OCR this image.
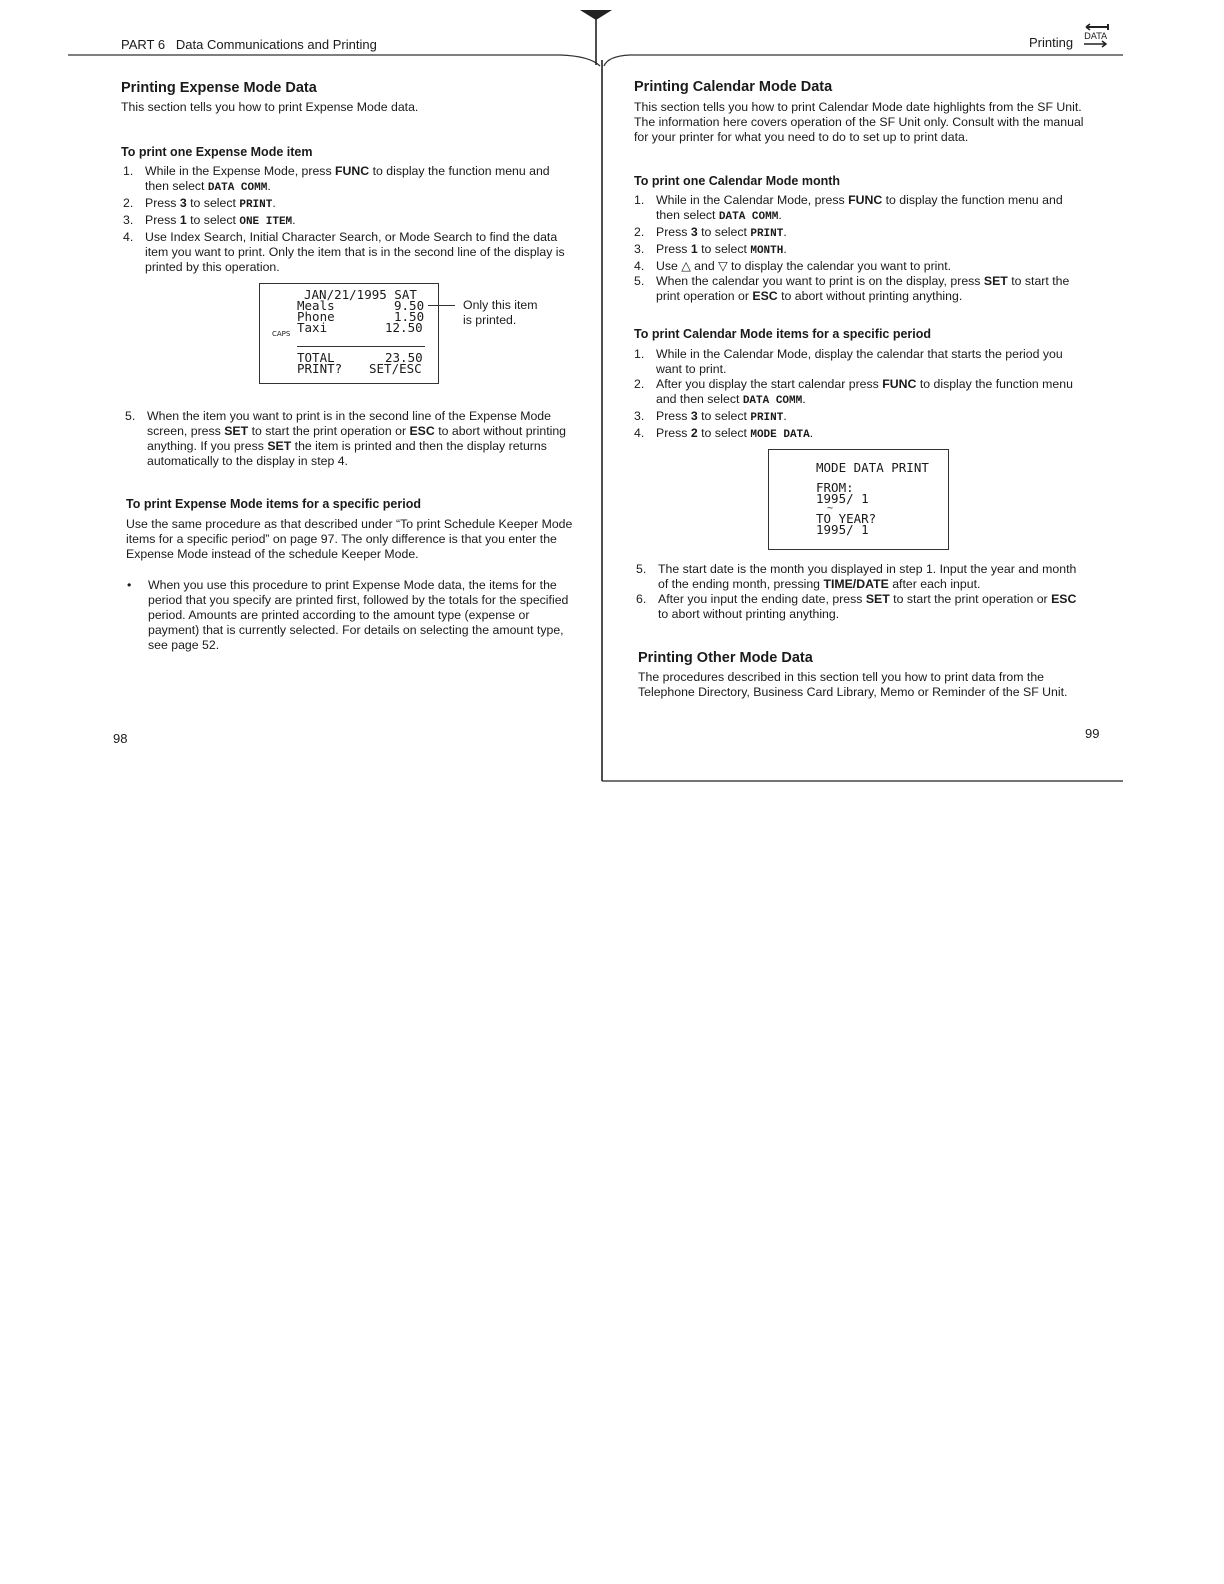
PART 6 Data Communications and Printing	Printing DATA
Printing Expense Mode Data
This section tells you how to print Expense Mode data.
To print one Expense Mode item
1. While in the Expense Mode, press FUNC to display the function menu and then select DATA COMM.
2. Press 3 to select PRINT.
3. Press 1 to select ONE ITEM.
4. Use Index Search, Initial Character Search, or Mode Search to find the data item you want to print. Only the item that is in the second line of the display is printed by this operation.
JAN/21/1995 SAT
Meals	9.50
Phone	1.50
Taxi	12.50
CAPS
TOTAL	23.50
PRINT? SET/ESC
Only this item
is printed.
5. When the item you want to print is in the second line of the Expense Mode screen, press SET to start the print operation or ESC to abort without printing anything. If you press SET the item is printed and then the display returns automatically to the display in step 4.
To print Expense Mode items for a specific period
Use the same procedure as that described under “To print Schedule Keeper Mode items for a specific period” on page 97. The only difference is that you enter the Expense Mode instead of the schedule Keeper Mode.
•	When you use this procedure to print Expense Mode data, the items for the period that you specify are printed first, followed by the totals for the specified period. Amounts are printed according to the amount type (expense or payment) that is currently selected. For details on selecting the amount type, see page 52.
98
Printing Calendar Mode Data
This section tells you how to print Calendar Mode date highlights from the SF Unit. The information here covers operation of the SF Unit only. Consult with the manual for your printer for what you need to do to set up to print data.
To print one Calendar Mode month
1. While in the Calendar Mode, press FUNC to display the function menu and then select DATA COMM.
2. Press 3 to select PRINT.
3. Press 1 to select MONTH.
4. Use △ and ▽ to display the calendar you want to print.
5. When the calendar you want to print is on the display, press SET to start the print operation or ESC to abort without printing anything.
To print Calendar Mode items for a specific period
1. While in the Calendar Mode, display the calendar that starts the period you want to print.
2. After you display the start calendar press FUNC to display the function menu and then select DATA COMM.
3. Press 3 to select PRINT.
4. Press 2 to select MODE DATA.
MODE DATA PRINT
FROM:
1995/ 1
~
TO YEAR?
1995/ 1
5. The start date is the month you displayed in step 1. Input the year and month of the ending month, pressing TIME/DATE after each input.
6. After you input the ending date, press SET to start the print operation or ESC to abort without printing anything.
Printing Other Mode Data
The procedures described in this section tell you how to print data from the Telephone Directory, Business Card Library, Memo or Reminder of the SF Unit.
99
